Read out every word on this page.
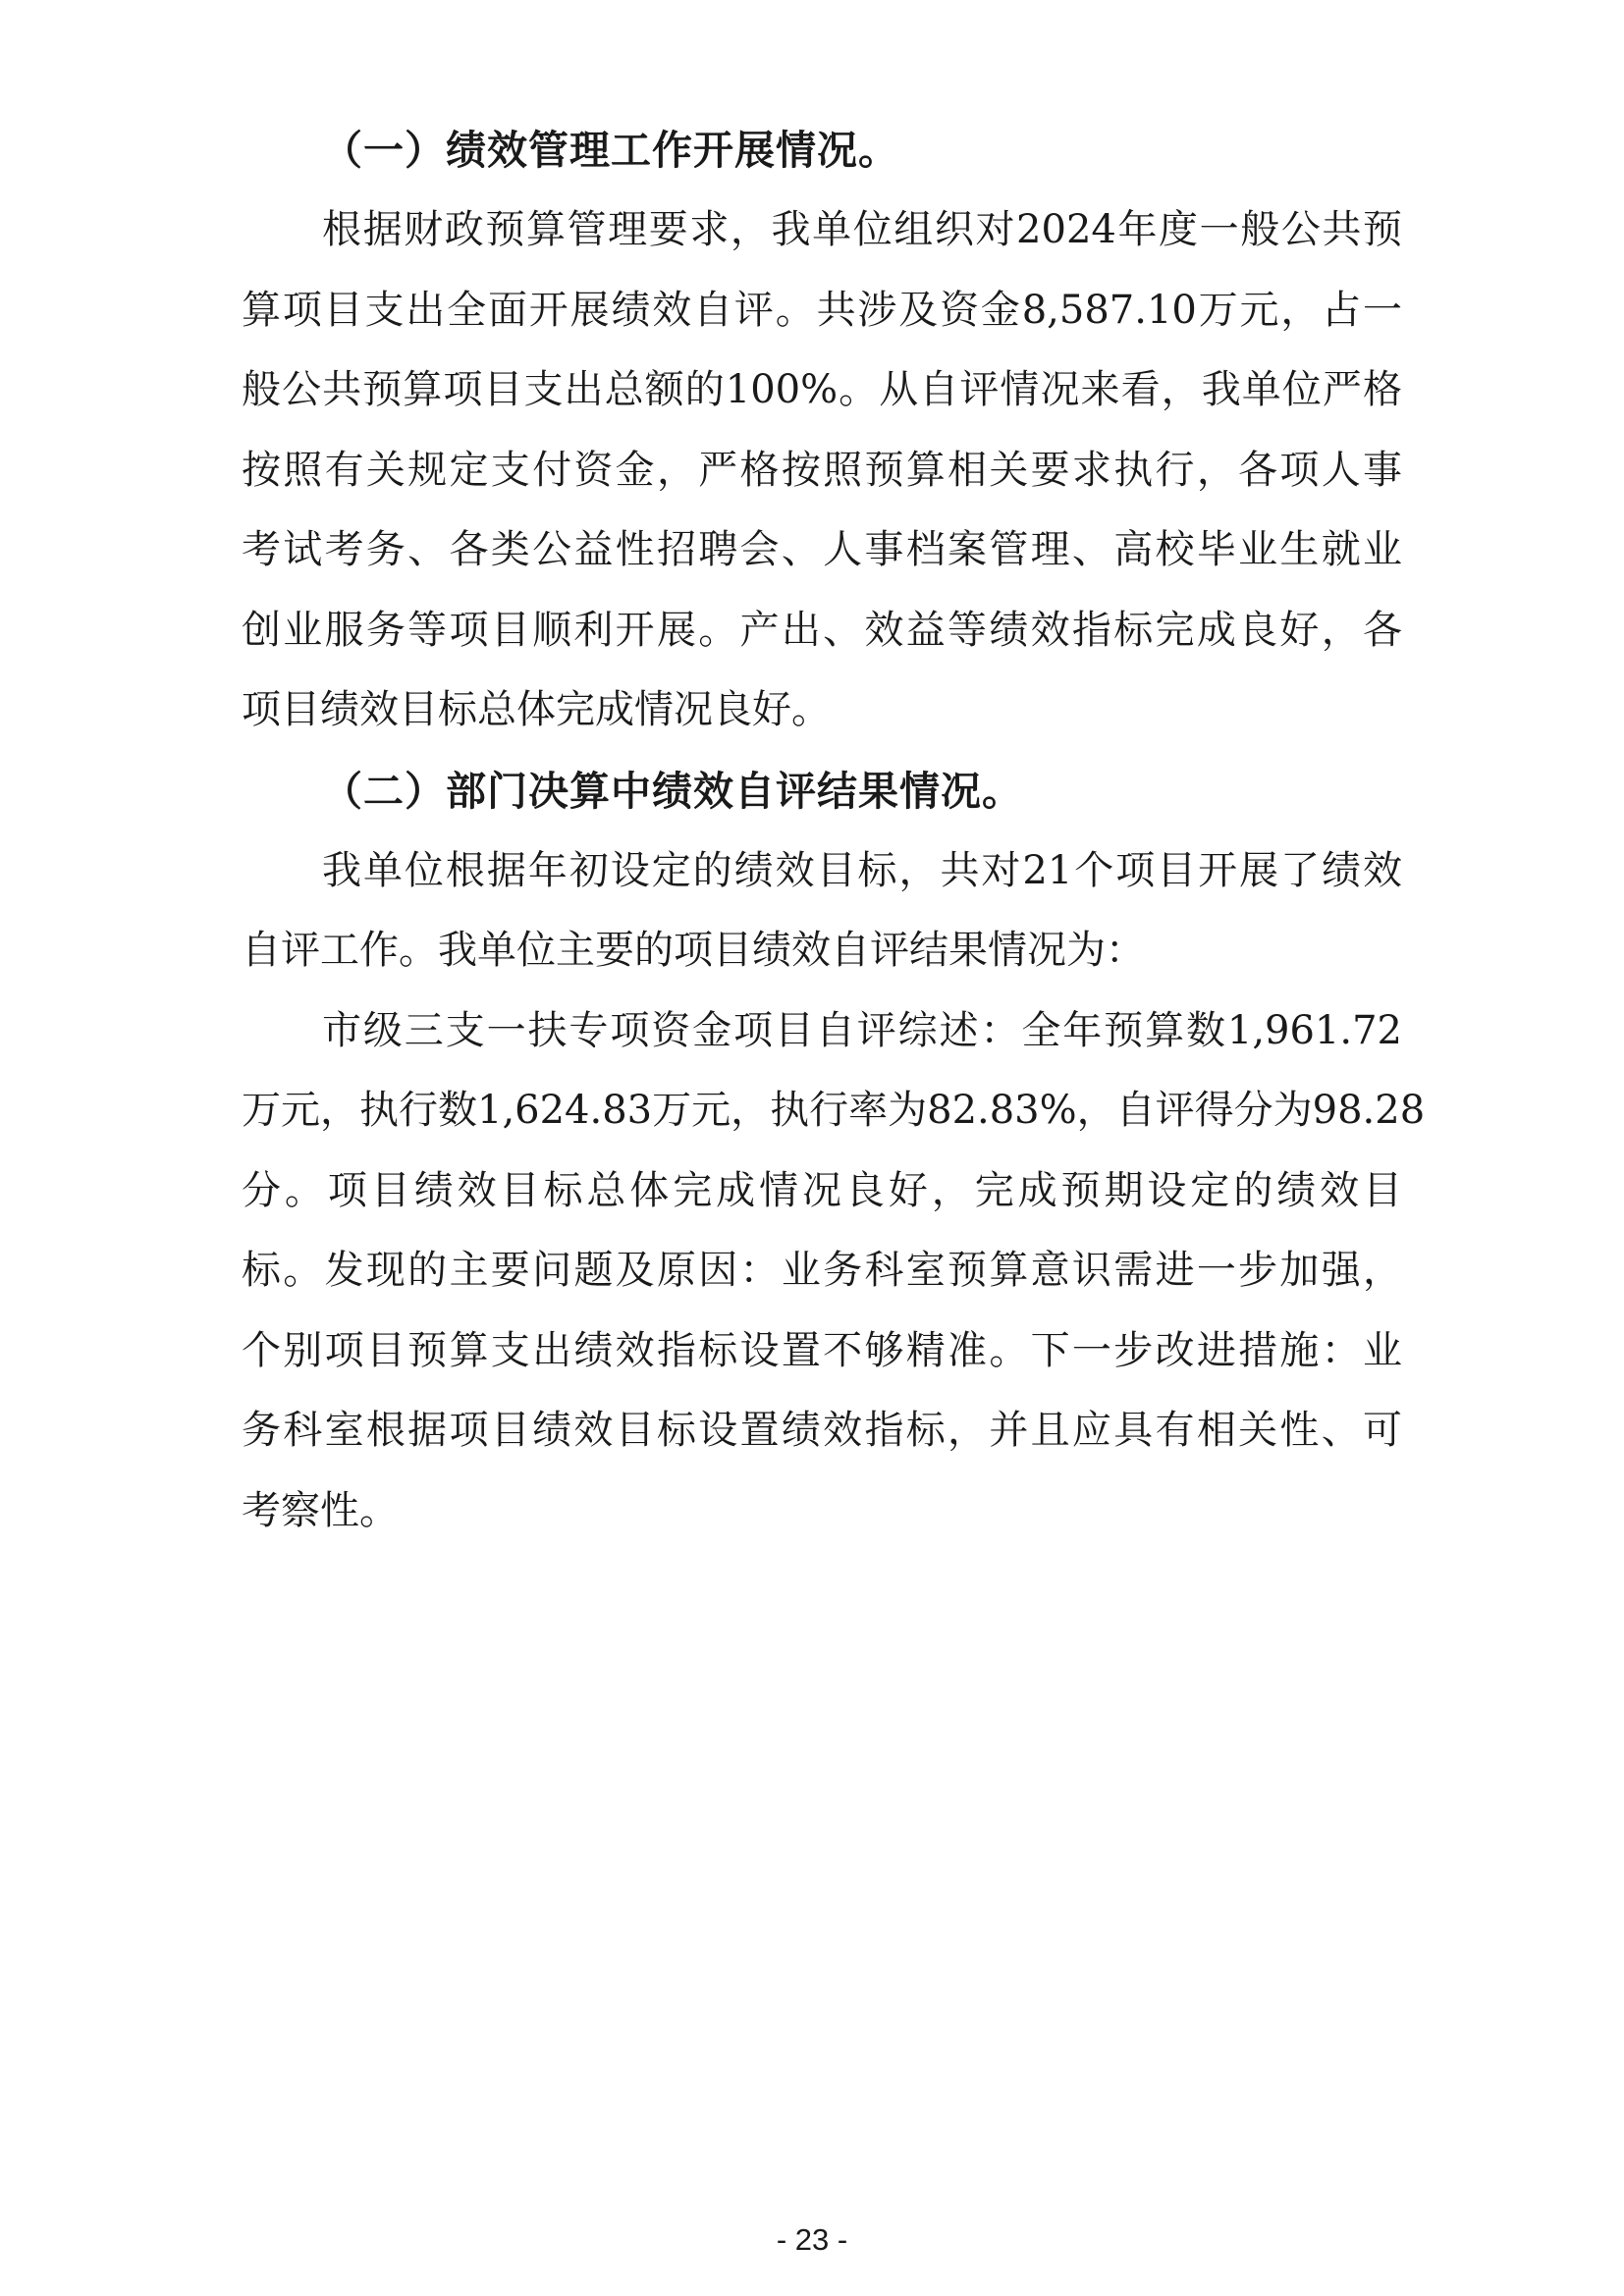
（一）绩效管理工作开展情况。

根据财政预算管理要求，我单位组织对2024年度一般公共预
算项目支出全面开展绩效自评。共涉及资金8,587.10万元，占一
般公共预算项目支出总额的100%。从自评情况来看，我单位严格
按照有关规定支付资金，严格按照预算相关要求执行，各项人事
考试考务、各类公益性招聘会、人事档案管理、高校毕业生就业
创业服务等项目顺利开展。产出、效益等绩效指标完成良好，各
项目绩效目标总体完成情况良好。

（二）部门决算中绩效自评结果情况。

我单位根据年初设定的绩效目标，共对21个项目开展了绩效
自评工作。我单位主要的项目绩效自评结果情况为：

市级三支一扶专项资金项目自评综述：全年预算数1,961.72
万元，执行数1,624.83万元，执行率为82.83%，自评得分为98.28
分。项目绩效目标总体完成情况良好，完成预期设定的绩效目
标。发现的主要问题及原因：业务科室预算意识需进一步加强，
个别项目预算支出绩效指标设置不够精准。下一步改进措施：业
务科室根据项目绩效目标设置绩效指标，并且应具有相关性、可
考察性。

- 23 -
